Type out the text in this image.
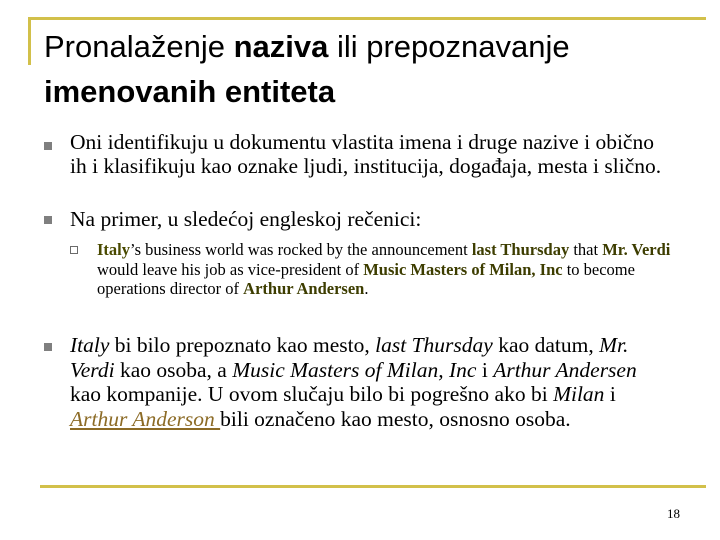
Pronalaženje naziva ili prepoznavanje imenovanih entiteta
Oni identifikuju u dokumentu vlastita imena i druge nazive i obično ih i klasifikuju kao oznake ljudi, institucija, događaja, mesta i slično.
Na primer, u sledećoj engleskoj rečenici:
Italy’s business world was rocked by the announcement last Thursday that Mr. Verdi would leave his job as vice-president of Music Masters of Milan, Inc to become operations director of Arthur Andersen.
Italy bi bilo prepoznato kao mesto, last Thursday kao datum, Mr. Verdi kao osoba, a Music Masters of Milan, Inc i Arthur Andersen kao kompanije. U ovom slučaju bilo bi pogrešno ako bi Milan i Arthur Anderson bili označeno kao mesto, osnosno osoba.
18
